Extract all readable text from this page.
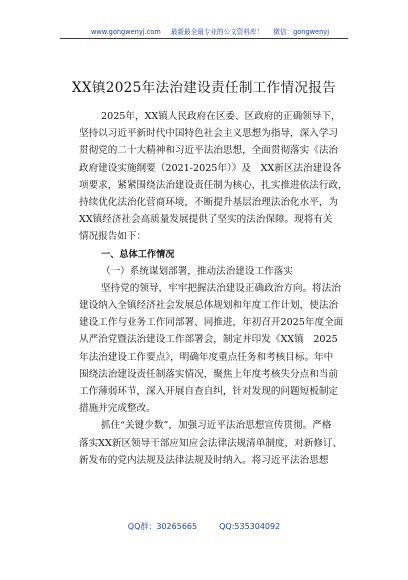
www.gongwenyj.com 最新最全最专业的公文资料库！ 微信：gongwenyj
XX镇2025年法治建设责任制工作情况报告
2025年，XX镇人民政府在区委、区政府的正确领导下，
坚持以习近平新时代中国特色社会主义思想为指导，深入学习
贯彻党的二十大精神和习近平法治思想，全面贯彻落实《法治
政府建设实施纲要（2021-2025年）》及　XX新区法治建设各
项要求，紧紧围绕法治建设责任制为核心，扎实推进依法行政，
持续优化法治化营商环境，不断提升基层治理法治化水平，为
XX镇经济社会高质量发展提供了坚实的法治保障。现将有关
情况报告如下：
一、总体工作情况
（一）系统谋划部署，推动法治建设工作落实
坚持党的领导，牢牢把握法治建设正确政治方向。将法治
建设纳入全镇经济社会发展总体规划和年度工作计划，使法治
建设工作与业务工作同部署、同推进，年初召开2025年度全面
从严治党暨法治建设工作部署会，制定并印发《XX镇　2025
年法治建设工作要点》，明确年度重点任务和考核目标。年中
围绕法治建设责任制落实情况，聚焦上年度考核失分点和当前
工作薄弱环节，深入开展自查自纠，针对发现的问题短板制定
措施并完成整改。
抓住“关键少数”，加强习近平法治思想宣传贯彻。严格
落实XX新区领导干部应知应会法律法规清单制度，对新修订、
新发布的党内法规及法律法规及时纳入。将习近平法治思想
QQ群：30265665	QQ:535304092
